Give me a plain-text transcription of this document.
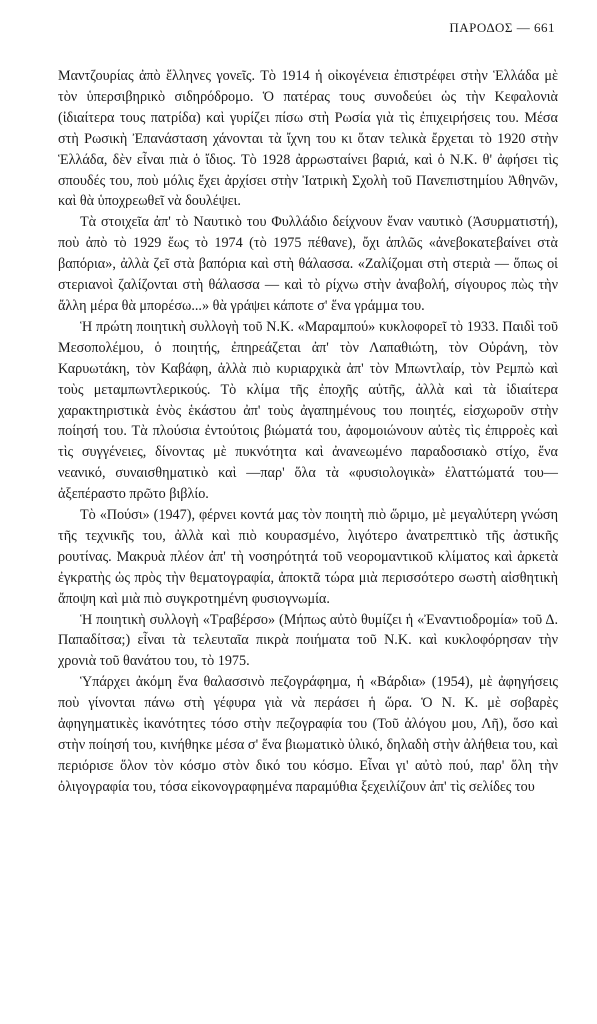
ΠΑΡΟΔΟΣ — 661

Μαντζουρίας ἀπὸ ἕλληνες γονεῖς. Τὸ 1914 ἡ οἰκογένεια ἐπιστρέφει στὴν Ἑλλάδα μὲ τὸν ὑπερσιβηρικὸ σιδηρόδρομο. Ὁ πατέρας τους συνοδεύει ὡς τὴν Κεφαλονιὰ (ἰδιαίτερα τους πατρίδα) καὶ γυρίζει πίσω στὴ Ρωσία γιὰ τὶς ἐπιχειρήσεις του. Μέσα στὴ Ρωσικὴ Ἐπανάσταση χάνονται τὰ ἴχνη του κι ὅταν τελικὰ ἔρχεται τὸ 1920 στὴν Ἑλλάδα, δὲν εἶναι πιὰ ὁ ἴδιος. Τὸ 1928 ἀρρωσταίνει βαριά, καὶ ὁ Ν.Κ. θ' ἀφήσει τὶς σπουδές του, ποὺ μόλις ἔχει ἀρχίσει στὴν Ἰατρικὴ Σχολὴ τοῦ Πανεπιστημίου Ἀθηνῶν, καὶ θὰ ὑποχρεωθεῖ νὰ δουλέψει.

Τὰ στοιχεῖα ἀπ' τὸ Ναυτικὸ του Φυλλάδιο δείχνουν ἕναν ναυτικὸ (Ἀσυρματιστή), ποὺ ἀπὸ τὸ 1929 ἕως τὸ 1974 (τὸ 1975 πέθανε), ὄχι ἁπλῶς «ἀνεβοκατεβαίνει στὰ βαπόρια», ἀλλὰ ζεῖ στὰ βαπόρια καὶ στὴ θάλασσα. «Ζαλίζομαι στὴ στεριὰ — ὅπως οἱ στεριανοὶ ζαλίζονται στὴ θάλασσα — καὶ τὸ ρίχνω στὴν ἀναβολή, σίγουρος πὼς τὴν ἄλλη μέρα θὰ μπορέσω...» θὰ γράψει κάποτε σ' ἕνα γράμμα του.

Ἡ πρώτη ποιητικὴ συλλογὴ τοῦ Ν.Κ. «Μαραμπού» κυκλοφορεῖ τὸ 1933. Παιδὶ τοῦ Μεσοπολέμου, ὁ ποιητής, ἐπηρεάζεται ἀπ' τὸν Λαπαθιώτη, τὸν Οὐράνη, τὸν Καρυωτάκη, τὸν Καβάφη, ἀλλὰ πιὸ κυριαρχικὰ ἀπ' τὸν Μπωντλαίρ, τὸν Ρεμπὼ καὶ τοὺς μεταμπωντλερικούς. Τὸ κλίμα τῆς ἐποχῆς αὐτῆς, ἀλλὰ καὶ τὰ ἰδιαίτερα χαρακτηριστικὰ ἑνὸς ἑκάστου ἀπ' τοὺς ἀγαπημένους του ποιητές, εἰσχωροῦν στὴν ποίησή του. Τὰ πλούσια ἐντούτοις βιώματά του, ἀφομοιώνουν αὐτὲς τὶς ἐπιρροὲς καὶ τὶς συγγένειες, δίνοντας μὲ πυκνότητα καὶ ἀνανεωμένο παραδοσιακὸ στίχο, ἕνα νεανικό, συναισθηματικὸ καὶ —παρ' ὅλα τὰ «φυσιολογικὰ» ἐλαττώματά του— ἀξεπέραστο πρῶτο βιβλίο.

Τὸ «Πούσι» (1947), φέρνει κοντά μας τὸν ποιητὴ πιὸ ὥριμο, μὲ μεγαλύτερη γνώση τῆς τεχνικῆς του, ἀλλὰ καὶ πιὸ κουρασμένο, λιγότερο ἀνατρεπτικὸ τῆς ἀστικῆς ρουτίνας. Μακρυὰ πλέον ἀπ' τὴ νοσηρότητά τοῦ νεορομαντικοῦ κλίματος καὶ ἀρκετὰ ἐγκρατὴς ὡς πρὸς τὴν θεματογραφία, ἀποκτᾶ τώρα μιὰ περισσότερο σωστὴ αἰσθητικὴ ἄποψη καὶ μιὰ πιὸ συγκροτημένη φυσιογνωμία.

Ἡ ποιητικὴ συλλογὴ «Τραβέρσο» (Μήπως αὐτὸ θυμίζει ἡ «Ἐναντιοδρομία» τοῦ Δ. Παπαδίτσα;) εἶναι τὰ τελευταῖα πικρὰ ποιήματα τοῦ Ν.Κ. καὶ κυκλοφόρησαν τὴν χρονιὰ τοῦ θανάτου του, τὸ 1975.

Ὑπάρχει ἀκόμη ἕνα θαλασσινὸ πεζογράφημα, ἡ «Βάρδια» (1954), μὲ ἀφηγήσεις ποὺ γίνονται πάνω στὴ γέφυρα γιὰ νὰ περάσει ἡ ὥρα. Ὁ Ν. Κ. μὲ σοβαρὲς ἀφηγηματικὲς ἱκανότητες τόσο στὴν πεζογραφία του (Τοῦ ἀλόγου μου, Λῆ), ὅσο καὶ στὴν ποίησή του, κινήθηκε μέσα σ' ἕνα βιωματικὸ ὑλικό, δηλαδὴ στὴν ἀλήθεια του, καὶ περιόρισε ὅλον τὸν κόσμο στὸν δικό του κόσμο. Εἶναι γι' αὐτὸ πού, παρ' ὅλη τὴν ὀλιγογραφία του, τόσα εἰκονογραφημένα παραμύθια ξεχειλίζουν ἀπ' τὶς σελίδες του
